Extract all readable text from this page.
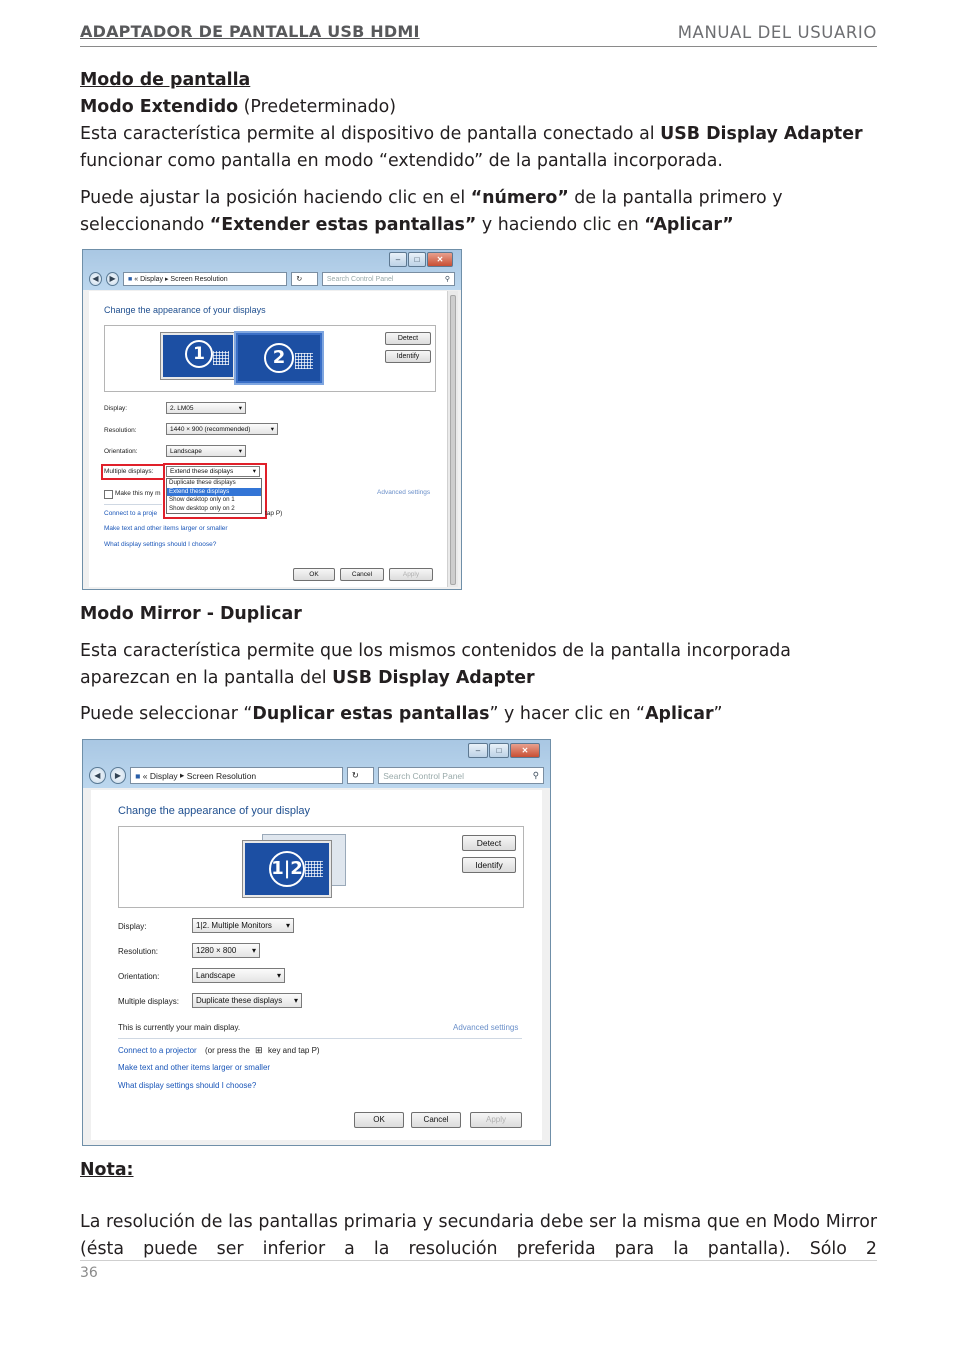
ADAPTADOR DE PANTALLA USB HDMI	MANUAL DEL USUARIO

Modo de pantalla

Modo Extendido (Predeterminado)

Esta característica permite al dispositivo de pantalla conectado al USB Display Adapter funcionar como pantalla en modo “extendido” de la pantalla incorporada.

Puede ajustar la posición haciendo clic en el “número” de la pantalla primero y seleccionando “Extender estas pantallas” y haciendo clic en “Aplicar”

–	□	✕
◀	▶	■ « Display ▸ Screen Resolution	↻	Search Control Panel	⚲
Change the appearance of your displays
1	2
Detect
Identify
Display:	2. LM05	▾
Resolution:	1440 × 900 (recommended)	▾
Orientation:	Landscape	▾
Multiple displays:	Extend these displays	▾
Duplicate these displays
Extend these displays
Show desktop only on 1
Show desktop only on 2
Make this my m	Advanced settings
Connect to a proje	tap P)
Make text and other items larger or smaller
What display settings should I choose?
OK	Cancel	Apply

Modo Mirror - Duplicar

Esta característica permite que los mismos contenidos de la pantalla incorporada aparezcan en la pantalla del USB Display Adapter

Puede seleccionar “Duplicar estas pantallas” y hacer clic en “Aplicar”

–	□	✕
◀	▶	■ « Display ▸ Screen Resolution	↻	Search Control Panel	⚲
Change the appearance of your display
1|2
Detect
Identify
Display:	1|2. Multiple Monitors ▾
Resolution:	1280 × 800 ▾
Orientation:	Landscape	▾
Multiple displays:	Duplicate these displays ▾
This is currently your main display.	Advanced settings
Connect to a projector (or press the ⊞ key and tap P)
Make text and other items larger or smaller
What display settings should I choose?
OK	Cancel	Apply

Nota:

La resolución de las pantallas primaria y secundaria debe ser la misma que en Modo Mirror (ésta puede ser inferior a la resolución preferida para la pantalla). Sólo 2

36
